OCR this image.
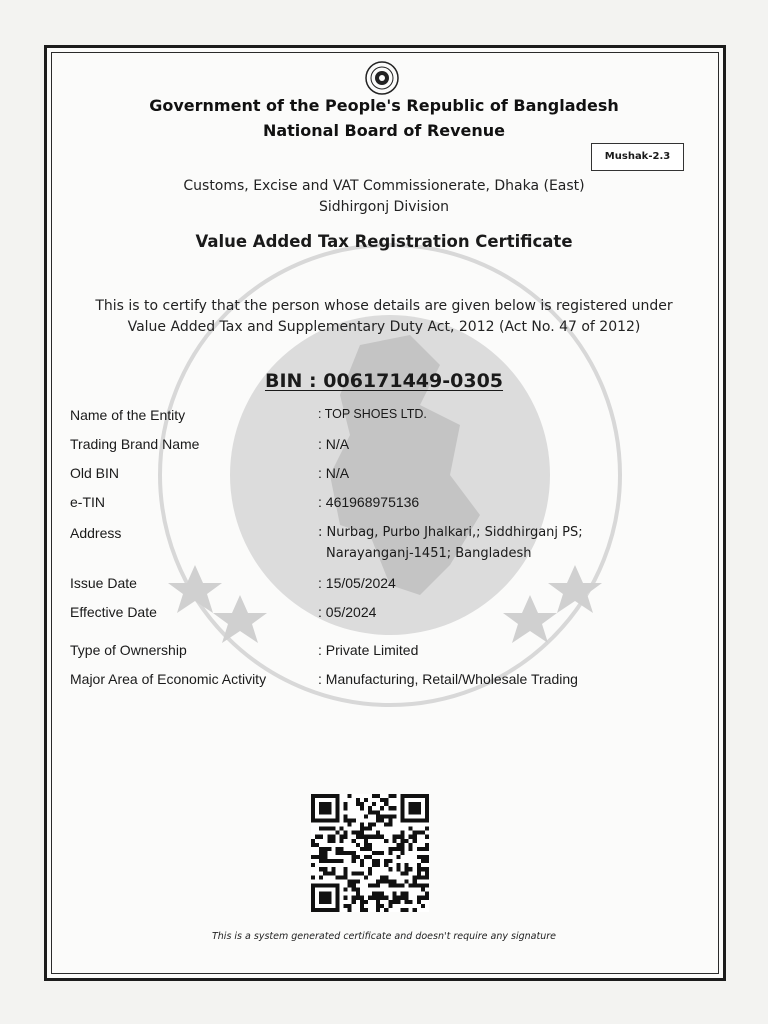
Government of the People's Republic of Bangladesh
National Board of Revenue
Mushak-2.3
Customs, Excise and VAT Commissionerate, Dhaka (East)
Sidhirgonj Division
Value Added Tax Registration Certificate
This is to certify that the person whose details are given below is registered under
Value Added Tax and Supplementary Duty Act, 2012 (Act No. 47 of 2012)
BIN : 006171449-0305
Name of the Entity	: TOP SHOES LTD.
Trading Brand Name	: N/A
Old BIN	: N/A
e-TIN	: 461968975136
Address	: Nurbag, Purbo Jhalkari,; Siddhirganj PS;
Narayanganj-1451; Bangladesh
Issue Date	: 15/05/2024
Effective Date	: 05/2024
Type of Ownership	: Private Limited
Major Area of Economic Activity	: Manufacturing, Retail/Wholesale Trading
This is a system generated certificate and doesn't require any signature
